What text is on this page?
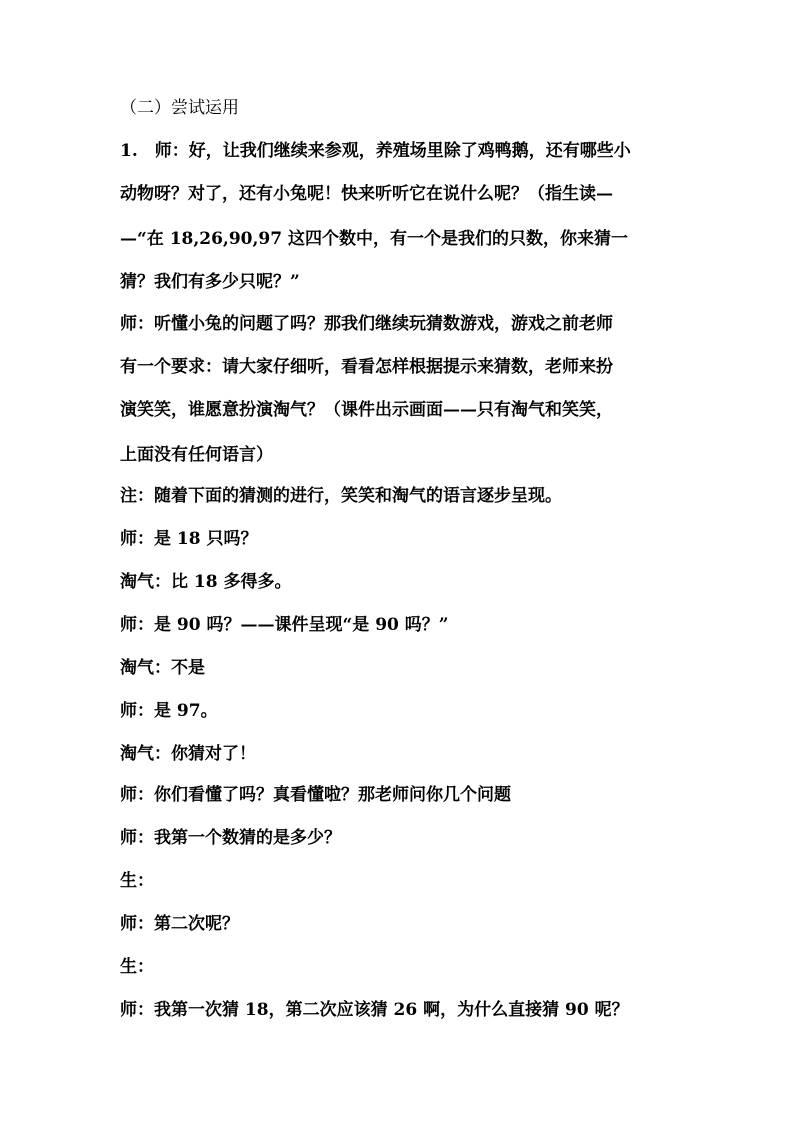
（二）尝试运用

1.　师：好，让我们继续来参观，养殖场里除了鸡鸭鹅，还有哪些小

动物呀？对了，还有小兔呢！快来听听它在说什么呢？（指生读—

—“在 18,26,90,97 这四个数中，有一个是我们的只数，你来猜一

猜？我们有多少只呢？”

师：听懂小兔的问题了吗？那我们继续玩猜数游戏，游戏之前老师

有一个要求：请大家仔细听，看看怎样根据提示来猜数，老师来扮

演笑笑，谁愿意扮演淘气？（课件出示画面——只有淘气和笑笑，

上面没有任何语言）

注：随着下面的猜测的进行，笑笑和淘气的语言逐步呈现。

师：是 18 只吗？

淘气：比 18 多得多。

师：是 90 吗？——课件呈现“是 90 吗？”

淘气：不是

师：是 97。

淘气：你猜对了！

师：你们看懂了吗？真看懂啦？那老师问你几个问题

师：我第一个数猜的是多少？

生：

师：第二次呢？

生：

师：我第一次猜 18，第二次应该猜 26 啊，为什么直接猜 90 呢？
